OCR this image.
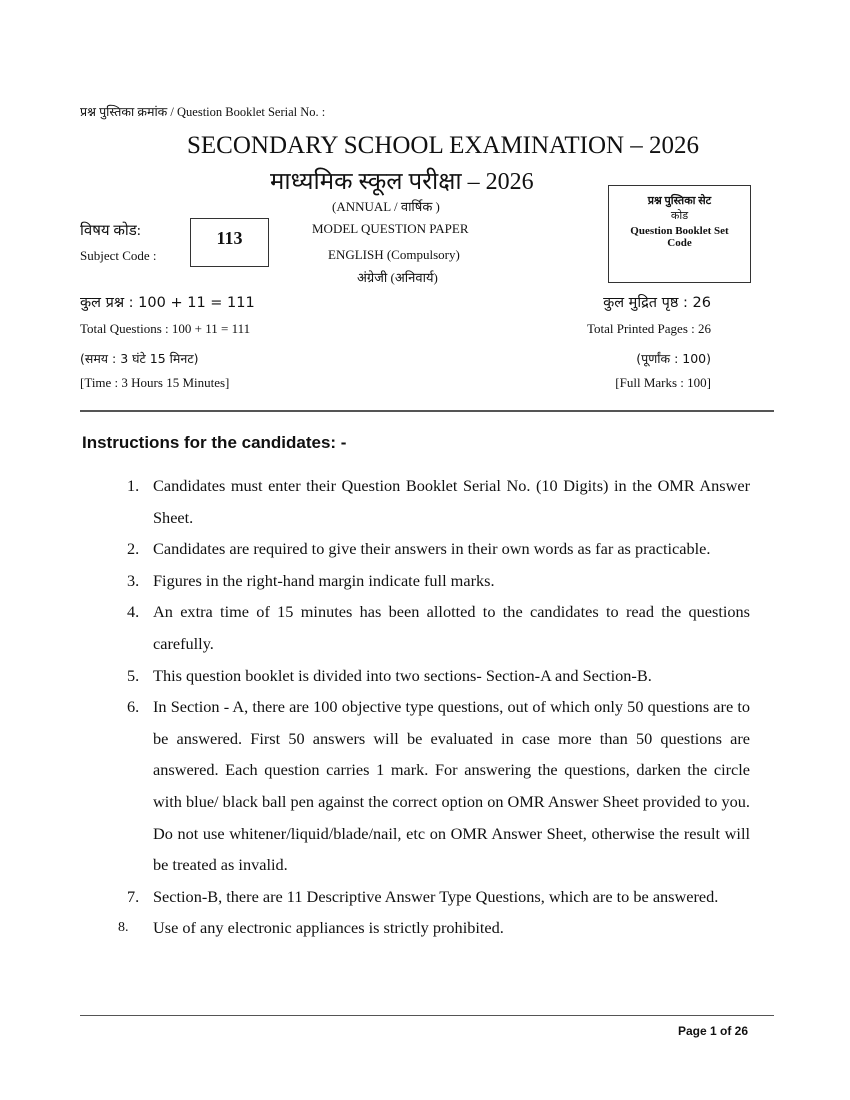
प्रश्न पुस्तिका क्रमांक / Question Booklet Serial No. :
SECONDARY SCHOOL EXAMINATION – 2026
माध्यमिक स्कूल परीक्षा – 2026
(ANNUAL / वार्षिक )
MODEL QUESTION PAPER
ENGLISH (Compulsory)
अंग्रेजी (अनिवार्य)
विषय कोड:
Subject Code :
113
प्रश्न पुस्तिका सेट
कोड
Question Booklet Set Code
कुल प्रश्न : 100 + 11 = 111
Total Questions : 100 + 11 = 111
कुल मुद्रित पृष्ठ : 26
Total Printed Pages : 26
(समय : 3 घंटे 15 मिनट)
[Time : 3 Hours 15 Minutes]
(पूर्णांक : 100)
[Full Marks : 100]
Instructions for the candidates: -
1. Candidates must enter their Question Booklet Serial No. (10 Digits) in the OMR Answer Sheet.
2. Candidates are required to give their answers in their own words as far as practicable.
3. Figures in the right-hand margin indicate full marks.
4. An extra time of 15 minutes has been allotted to the candidates to read the questions carefully.
5. This question booklet is divided into two sections- Section-A and Section-B.
6. In Section - A, there are 100 objective type questions, out of which only 50 questions are to be answered. First 50 answers will be evaluated in case more than 50 questions are answered. Each question carries 1 mark. For answering the questions, darken the circle with blue/ black ball pen against the correct option on OMR Answer Sheet provided to you. Do not use whitener/liquid/blade/nail, etc on OMR Answer Sheet, otherwise the result will be treated as invalid.
7. Section-B, there are 11 Descriptive Answer Type Questions, which are to be answered.
8. Use of any electronic appliances is strictly prohibited.
Page 1 of 26
